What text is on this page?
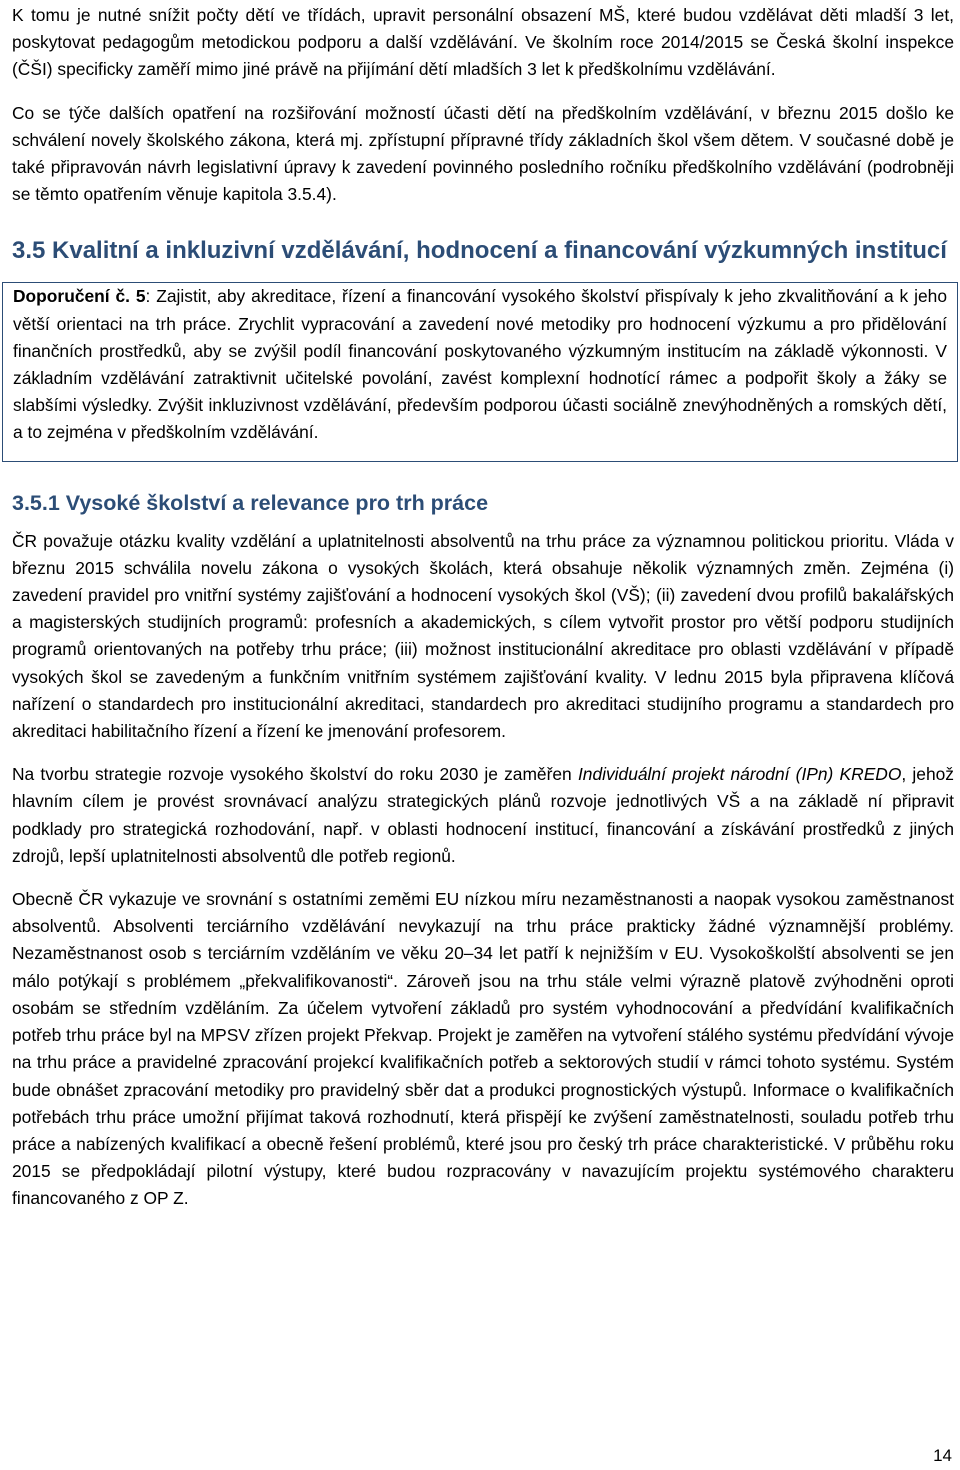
K tomu je nutné snížit počty dětí ve třídách, upravit personální obsazení MŠ, které budou vzdělávat děti mladší 3 let, poskytovat pedagogům metodickou podporu a další vzdělávání. Ve školním roce 2014/2015 se Česká školní inspekce (ČŠI) specificky zaměří mimo jiné právě na přijímání dětí mladších 3 let k předškolnímu vzdělávání.

Co se týče dalších opatření na rozšiřování možností účasti dětí na předškolním vzdělávání, v březnu 2015 došlo ke schválení novely školského zákona, která mj. zpřístupní přípravné třídy základních škol všem dětem. V současné době je také připravován návrh legislativní úpravy k zavedení povinného posledního ročníku předškolního vzdělávání (podrobněji se těmto opatřením věnuje kapitola 3.5.4).

3.5 Kvalitní a inkluzivní vzdělávání, hodnocení a financování výzkumných institucí

Doporučení č. 5: Zajistit, aby akreditace, řízení a financování vysokého školství přispívaly k jeho zkvalitňování a k jeho větší orientaci na trh práce. Zrychlit vypracování a zavedení nové metodiky pro hodnocení výzkumu a pro přidělování finančních prostředků, aby se zvýšil podíl financování poskytovaného výzkumným institucím na základě výkonnosti. V základním vzdělávání zatraktivnit učitelské povolání, zavést komplexní hodnotící rámec a podpořit školy a žáky se slabšími výsledky. Zvýšit inkluzivnost vzdělávání, především podporou účasti sociálně znevýhodněných a romských dětí, a to zejména v předškolním vzdělávání.

3.5.1 Vysoké školství a relevance pro trh práce

ČR považuje otázku kvality vzdělání a uplatnitelnosti absolventů na trhu práce za významnou politickou prioritu. Vláda v březnu 2015 schválila novelu zákona o vysokých školách, která obsahuje několik významných změn. Zejména (i) zavedení pravidel pro vnitřní systémy zajišťování a hodnocení vysokých škol (VŠ); (ii) zavedení dvou profilů bakalářských a magisterských studijních programů: profesních a akademických, s cílem vytvořit prostor pro větší podporu studijních programů orientovaných na potřeby trhu práce; (iii) možnost institucionální akreditace pro oblasti vzdělávání v případě vysokých škol se zavedeným a funkčním vnitřním systémem zajišťování kvality. V lednu 2015 byla připravena klíčová nařízení o standardech pro institucionální akreditaci, standardech pro akreditaci studijního programu a standardech pro akreditaci habilitačního řízení a řízení ke jmenování profesorem.

Na tvorbu strategie rozvoje vysokého školství do roku 2030 je zaměřen Individuální projekt národní (IPn) KREDO, jehož hlavním cílem je provést srovnávací analýzu strategických plánů rozvoje jednotlivých VŠ a na základě ní připravit podklady pro strategická rozhodování, např. v oblasti hodnocení institucí, financování a získávání prostředků z jiných zdrojů, lepší uplatnitelnosti absolventů dle potřeb regionů.

Obecně ČR vykazuje ve srovnání s ostatními zeměmi EU nízkou míru nezaměstnanosti a naopak vysokou zaměstnanost absolventů. Absolventi terciárního vzdělávání nevykazují na trhu práce prakticky žádné významnější problémy. Nezaměstnanost osob s terciárním vzděláním ve věku 20–34 let patří k nejnižším v EU. Vysokoškolští absolventi se jen málo potýkají s problémem „překvalifikovanosti“. Zároveň jsou na trhu stále velmi výrazně platově zvýhodněni oproti osobám se středním vzděláním. Za účelem vytvoření základů pro systém vyhodnocování a předvídání kvalifikačních potřeb trhu práce byl na MPSV zřízen projekt Překvap. Projekt je zaměřen na vytvoření stálého systému předvídání vývoje na trhu práce a pravidelné zpracování projekcí kvalifikačních potřeb a sektorových studií v rámci tohoto systému. Systém bude obnášet zpracování metodiky pro pravidelný sběr dat a produkci prognostických výstupů. Informace o kvalifikačních potřebách trhu práce umožní přijímat taková rozhodnutí, která přispějí ke zvýšení zaměstnatelnosti, souladu potřeb trhu práce a nabízených kvalifikací a obecně řešení problémů, které jsou pro český trh práce charakteristické. V průběhu roku 2015 se předpokládají pilotní výstupy, které budou rozpracovány v navazujícím projektu systémového charakteru financovaného z OP Z.

14
